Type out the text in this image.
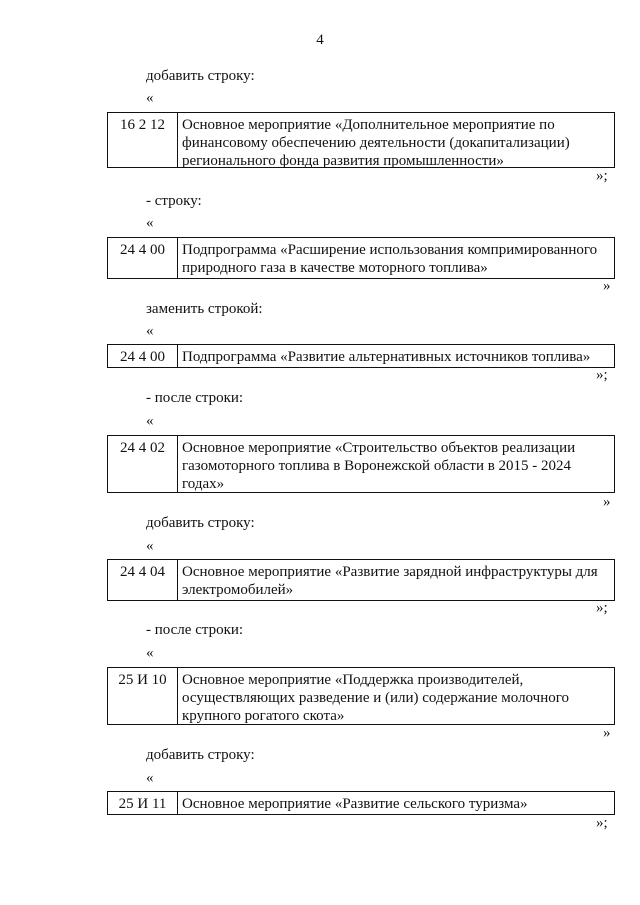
4
добавить строку:
«
16 2 12	Основное мероприятие «Дополнительное мероприятие по финансовому обеспечению деятельности (докапитализации) регионального фонда развития промышленности»
»;
- строку:
«
24 4 00	Подпрограмма «Расширение использования компримированного природного газа в качестве моторного топлива»
»
заменить строкой:
«
24 4 00	Подпрограмма «Развитие альтернативных источников топлива»
»;
- после строки:
«
24 4 02	Основное мероприятие «Строительство объектов реализации газомоторного топлива в Воронежской области в 2015 - 2024 годах»
»
добавить строку:
«
24 4 04	Основное мероприятие «Развитие зарядной инфраструктуры для электромобилей»
»;
- после строки:
«
25 И 10	Основное мероприятие «Поддержка производителей, осуществляющих разведение и (или) содержание молочного крупного рогатого скота»
»
добавить строку:
«
25 И 11	Основное мероприятие «Развитие сельского туризма»
»;
